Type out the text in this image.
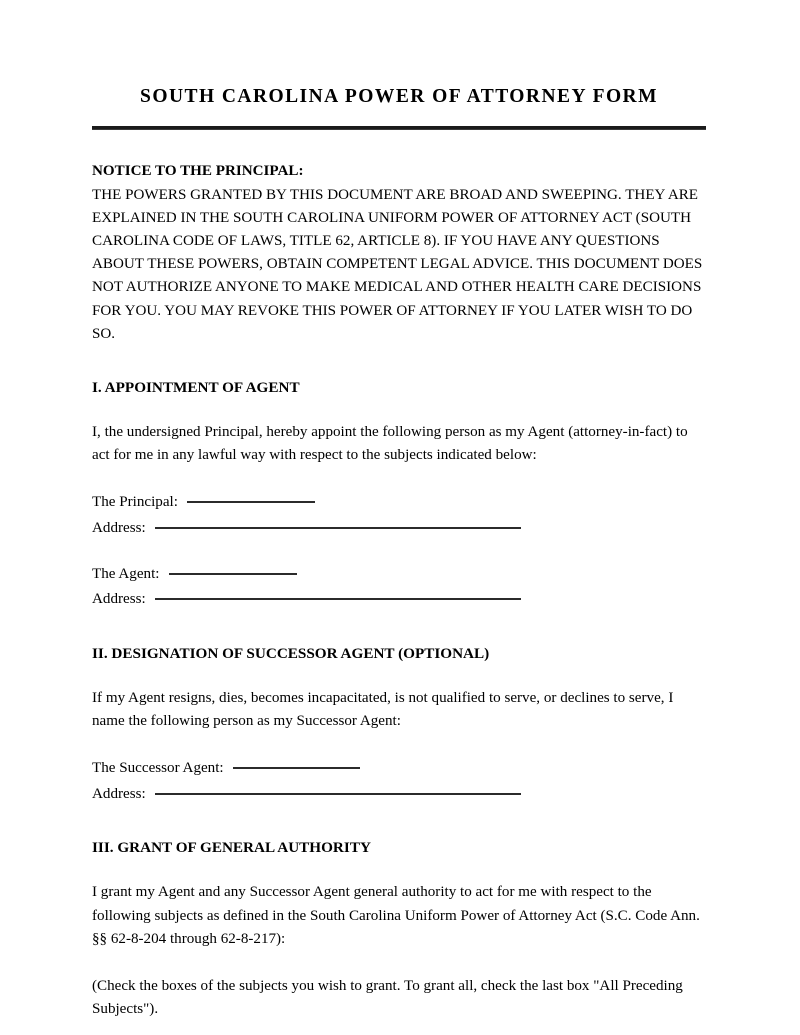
SOUTH CAROLINA POWER OF ATTORNEY FORM

NOTICE TO THE PRINCIPAL:

THE POWERS GRANTED BY THIS DOCUMENT ARE BROAD AND SWEEPING. THEY ARE EXPLAINED IN THE SOUTH CAROLINA UNIFORM POWER OF ATTORNEY ACT (SOUTH CAROLINA CODE OF LAWS, TITLE 62, ARTICLE 8). IF YOU HAVE ANY QUESTIONS ABOUT THESE POWERS, OBTAIN COMPETENT LEGAL ADVICE. THIS DOCUMENT DOES NOT AUTHORIZE ANYONE TO MAKE MEDICAL AND OTHER HEALTH CARE DECISIONS FOR YOU. YOU MAY REVOKE THIS POWER OF ATTORNEY IF YOU LATER WISH TO DO SO.

I. APPOINTMENT OF AGENT

I, the undersigned Principal, hereby appoint the following person as my Agent (attorney-in-fact) to act for me in any lawful way with respect to the subjects indicated below:

The Principal:
Address:
The Agent:
Address:
II. DESIGNATION OF SUCCESSOR AGENT (OPTIONAL)

If my Agent resigns, dies, becomes incapacitated, is not qualified to serve, or declines to serve, I name the following person as my Successor Agent:

The Successor Agent:
Address:
III. GRANT OF GENERAL AUTHORITY

I grant my Agent and any Successor Agent general authority to act for me with respect to the following subjects as defined in the South Carolina Uniform Power of Attorney Act (S.C. Code Ann. §§ 62-8-204 through 62-8-217):

(Check the boxes of the subjects you wish to grant. To grant all, check the last box "All Preceding Subjects").
